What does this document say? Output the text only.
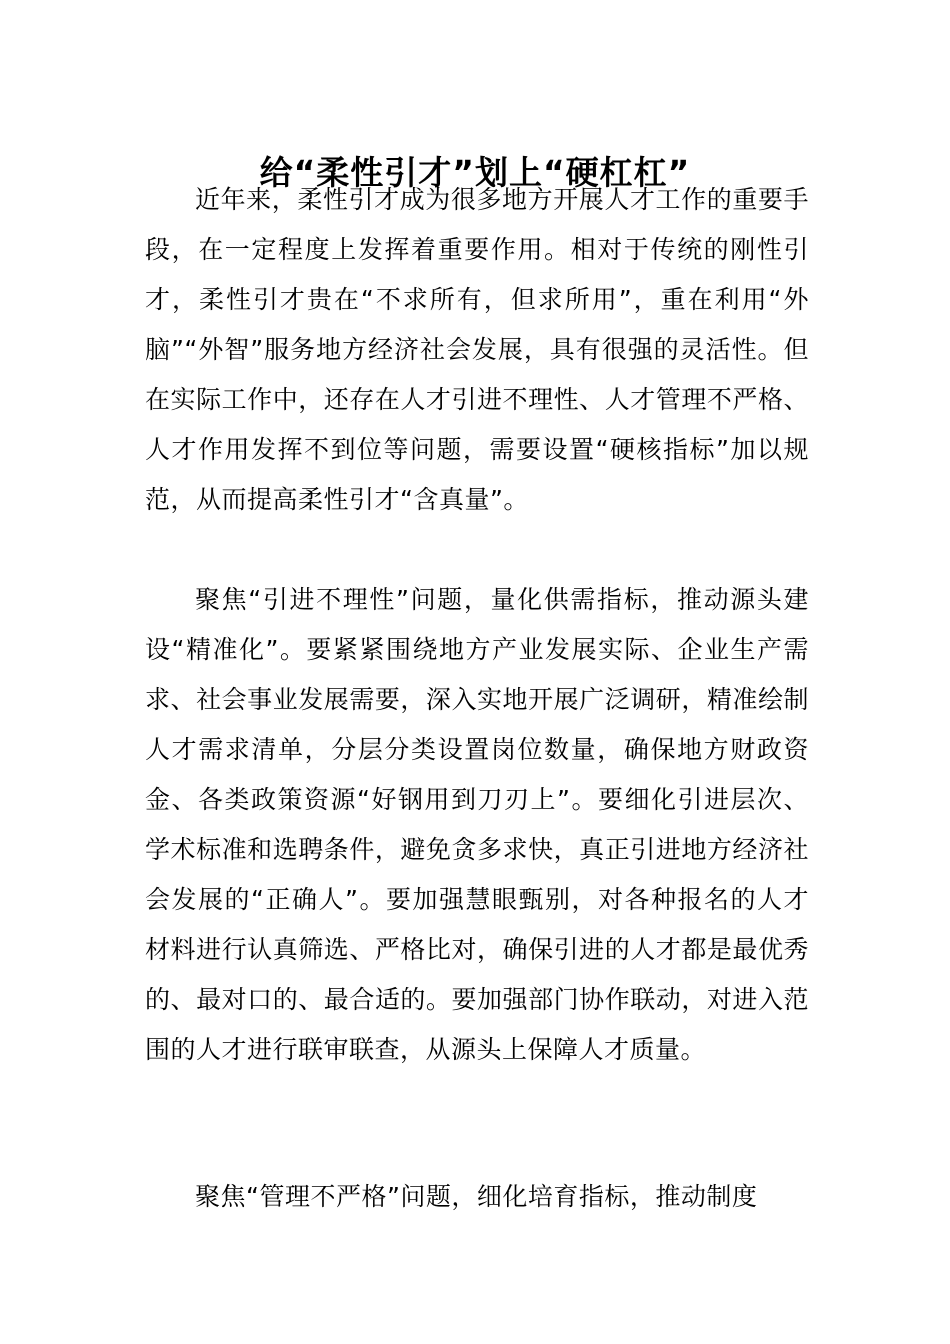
给“柔性引才”划上“硬杠杠”

近年来，柔性引才成为很多地方开展人才工作的重要手段，在一定程度上发挥着重要作用。相对于传统的刚性引才，柔性引才贵在“不求所有，但求所用”，重在利用“外脑”“外智”服务地方经济社会发展，具有很强的灵活性。但在实际工作中，还存在人才引进不理性、人才管理不严格、人才作用发挥不到位等问题，需要设置“硬核指标”加以规范，从而提高柔性引才“含真量”。

聚焦“引进不理性”问题，量化供需指标，推动源头建设“精准化”。要紧紧围绕地方产业发展实际、企业生产需求、社会事业发展需要，深入实地开展广泛调研，精准绘制人才需求清单，分层分类设置岗位数量，确保地方财政资金、各类政策资源“好钢用到刀刃上”。要细化引进层次、学术标准和选聘条件，避免贪多求快，真正引进地方经济社会发展的“正确人”。要加强慧眼甄别，对各种报名的人才材料进行认真筛选、严格比对，确保引进的人才都是最优秀的、最对口的、最合适的。要加强部门协作联动，对进入范围的人才进行联审联查，从源头上保障人才质量。

聚焦“管理不严格”问题，细化培育指标，推动制度
